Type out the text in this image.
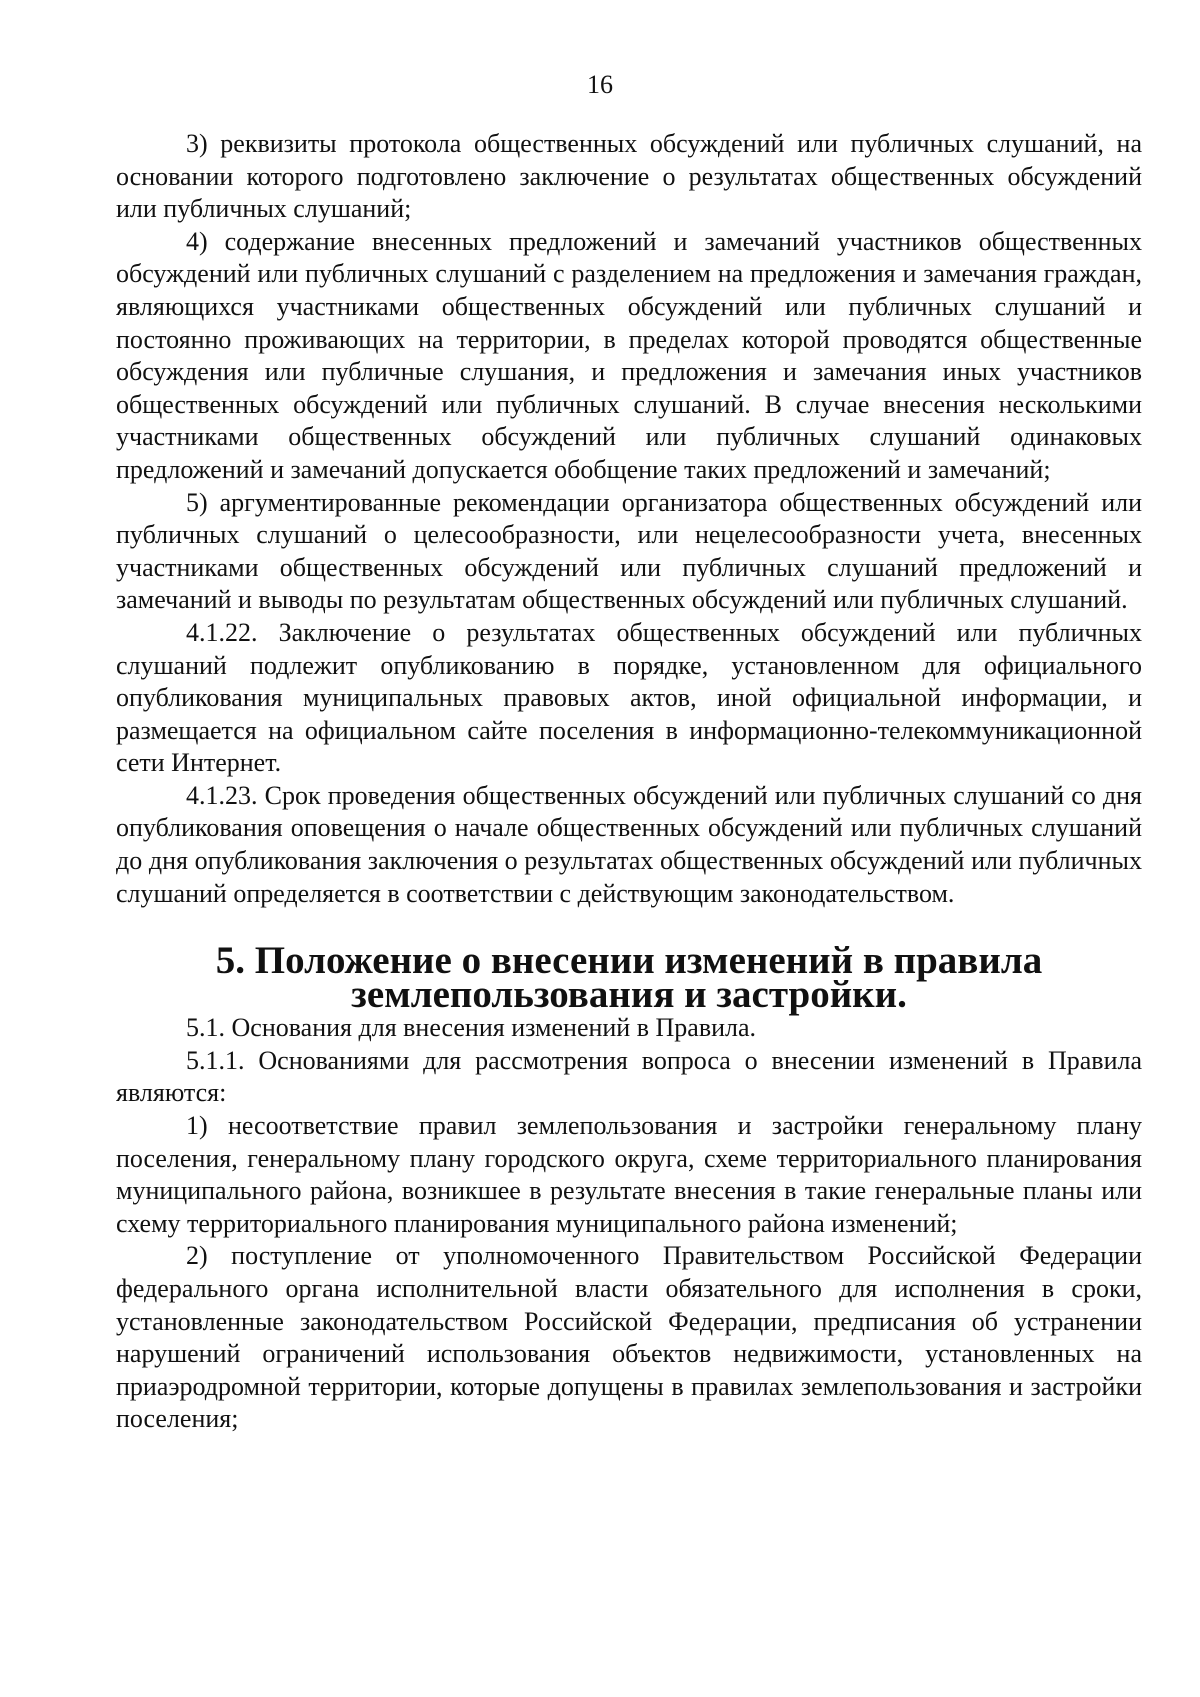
16

3) реквизиты протокола общественных обсуждений или публичных слушаний, на основании которого подготовлено заключение о результатах общественных обсуждений или публичных слушаний;

4) содержание внесенных предложений и замечаний участников общественных обсуждений или публичных слушаний с разделением на предложения и замечания граждан, являющихся участниками общественных обсуждений или публичных слушаний и постоянно проживающих на территории, в пределах которой проводятся общественные обсуждения или публичные слушания, и предложения и замечания иных участников общественных обсуждений или публичных слушаний. В случае внесения несколькими участниками общественных обсуждений или публичных слушаний одинаковых предложений и замечаний допускается обобщение таких предложений и замечаний;

5) аргументированные рекомендации организатора общественных обсуждений или публичных слушаний о целесообразности, или нецелесообразности учета, внесенных участниками общественных обсуждений или публичных слушаний предложений и замечаний и выводы по результатам общественных обсуждений или публичных слушаний.

4.1.22. Заключение о результатах общественных обсуждений или публичных слушаний подлежит опубликованию в порядке, установленном для официального опубликования муниципальных правовых актов, иной официальной информации, и размещается на официальном сайте поселения в информационно-телекоммуникационной сети Интернет.

4.1.23. Срок проведения общественных обсуждений или публичных слушаний со дня опубликования оповещения о начале общественных обсуждений или публичных слушаний до дня опубликования заключения о результатах общественных обсуждений или публичных слушаний определяется в соответствии с действующим законодательством.

5. Положение о внесении изменений в правила землепользования и застройки.

5.1. Основания для внесения изменений в Правила.

5.1.1. Основаниями для рассмотрения вопроса о внесении изменений в Правила являются:

1) несоответствие правил землепользования и застройки генеральному плану поселения, генеральному плану городского округа, схеме территориального планирования муниципального района, возникшее в результате внесения в такие генеральные планы или схему территориального планирования муниципального района изменений;

2) поступление от уполномоченного Правительством Российской Федерации федерального органа исполнительной власти обязательного для исполнения в сроки, установленные законодательством Российской Федерации, предписания об устранении нарушений ограничений использования объектов недвижимости, установленных на приаэродромной территории, которые допущены в правилах землепользования и застройки поселения;
